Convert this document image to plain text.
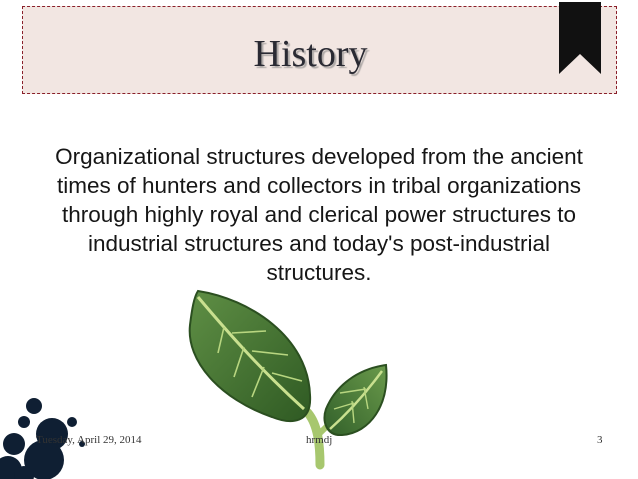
History
Organizational structures developed from the ancient times of hunters and collectors in tribal organizations through highly royal and clerical power structures to industrial structures and today's post-industrial structures.
Tuesday, April 29, 2014	hrmdj	3
